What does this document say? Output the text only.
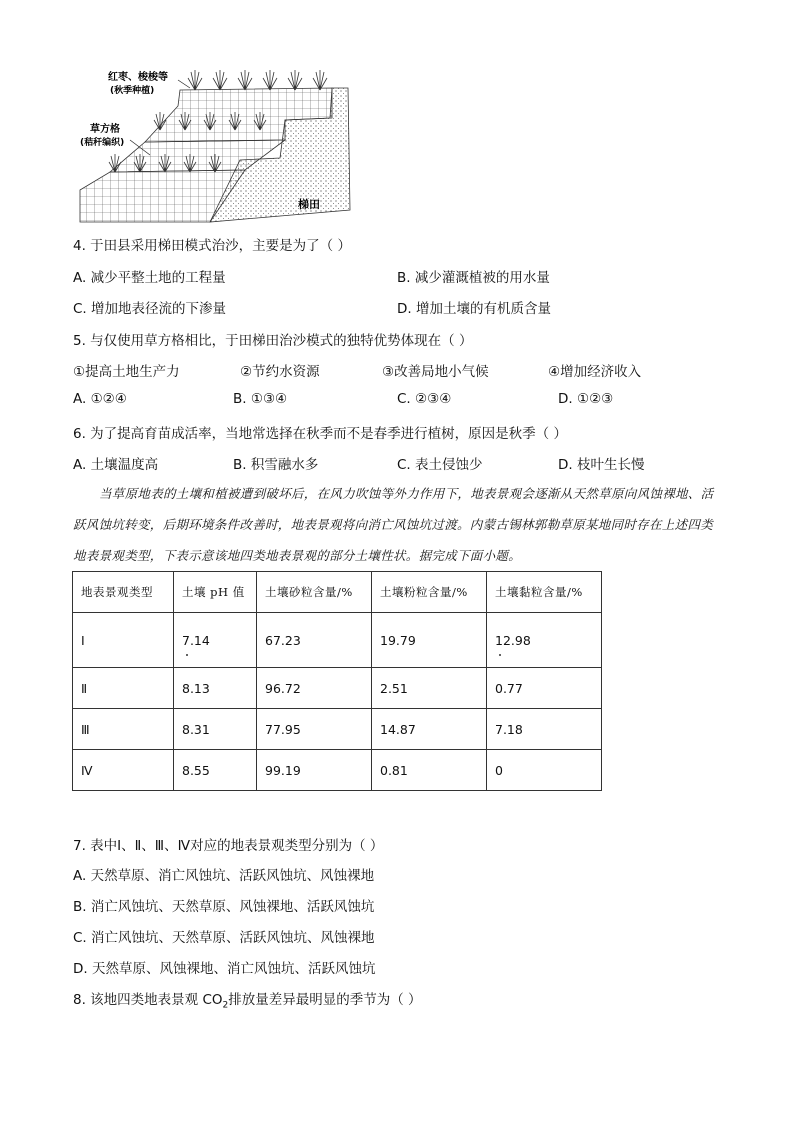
红枣、梭梭等
(秋季种植)
草方格
(秸秆编织)
梯田
4. 于田县采用梯田模式治沙，主要是为了（ ）
A. 减少平整土地的工程量	B. 减少灌溉植被的用水量
C. 增加地表径流的下渗量	D. 增加土壤的有机质含量
5. 与仅使用草方格相比，于田梯田治沙模式的独特优势体现在（ ）
①提高土地生产力	②节约水资源	③改善局地小气候	④增加经济收入
A. ①②④	B. ①③④	C. ②③④	D. ①②③
6. 为了提高育苗成活率，当地常选择在秋季而不是春季进行植树，原因是秋季（ ）
A. 土壤温度高	B. 积雪融水多	C. 表土侵蚀少	D. 枝叶生长慢

当草原地表的土壤和植被遭到破坏后，在风力吹蚀等外力作用下，地表景观会逐渐从天然草原向风蚀裸地、活跃风蚀坑转变，后期环境条件改善时，地表景观将向消亡风蚀坑过渡。内蒙古锡林郭勒草原某地同时存在上述四类地表景观类型，下表示意该地四类地表景观的部分土壤性状。据完成下面小题。

地表景观类型	土壤 pH 值	土壤砂粒含量/%	土壤粉粒含量/%	土壤黏粒含量/%
Ⅰ	7.14	67.23	19.79	12.98
Ⅱ	8.13	96.72	2.51	0.77
Ⅲ	8.31	77.95	14.87	7.18
Ⅳ	8.55	99.19	0.81	0
7. 表中Ⅰ、Ⅱ、Ⅲ、Ⅳ对应的地表景观类型分别为（ ）
A. 天然草原、消亡风蚀坑、活跃风蚀坑、风蚀裸地
B. 消亡风蚀坑、天然草原、风蚀裸地、活跃风蚀坑
C. 消亡风蚀坑、天然草原、活跃风蚀坑、风蚀裸地
D. 天然草原、风蚀裸地、消亡风蚀坑、活跃风蚀坑
8. 该地四类地表景观 $CO_2$排放量差异最明显的季节为（ ）
